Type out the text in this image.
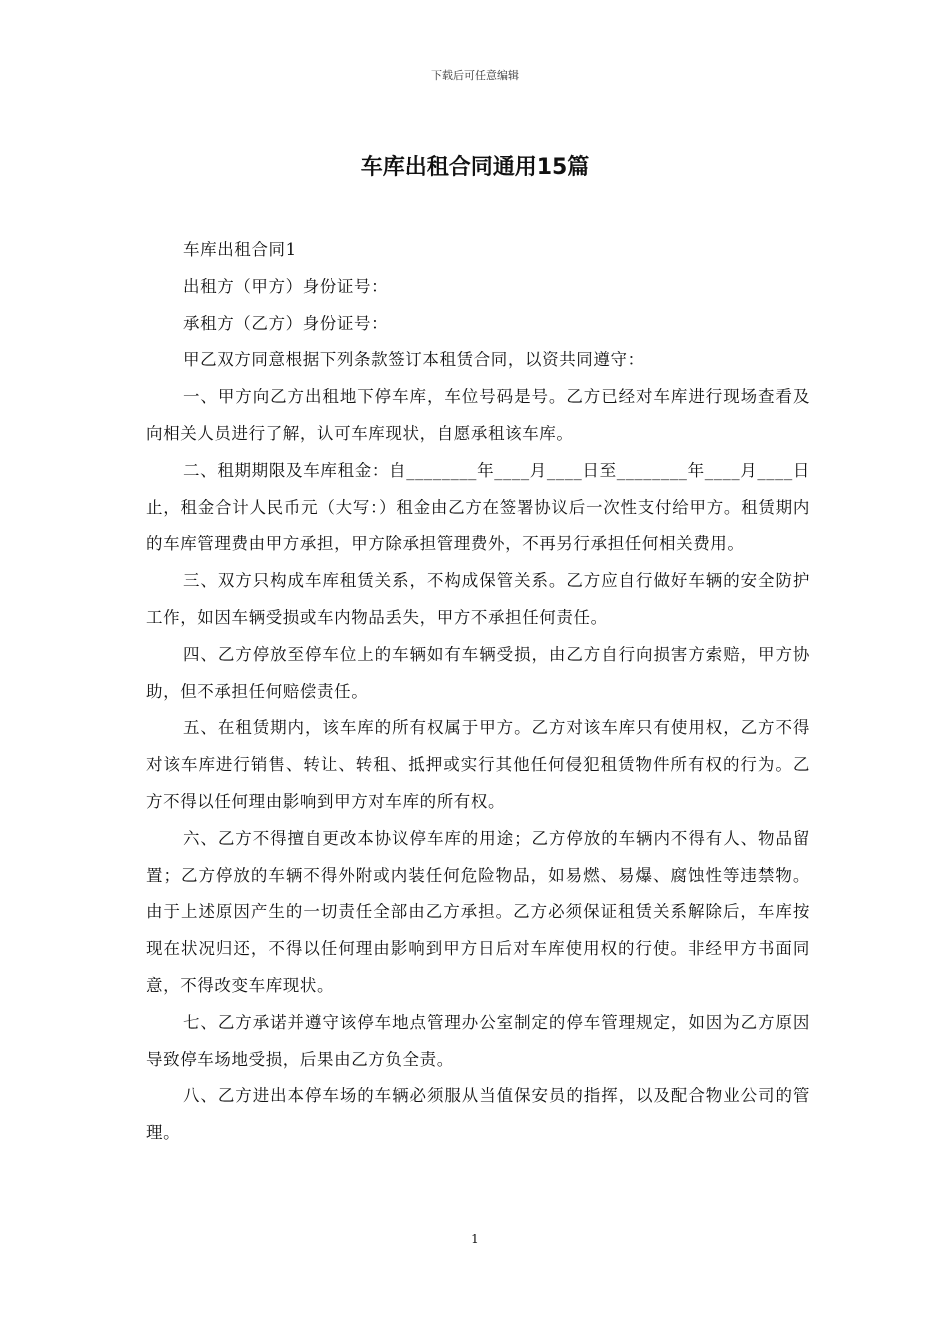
下载后可任意编辑
车库出租合同通用15篇

车库出租合同1

出租方（甲方）身份证号：

承租方（乙方）身份证号：

甲乙双方同意根据下列条款签订本租赁合同，以资共同遵守：

一、甲方向乙方出租地下停车库，车位号码是号。乙方已经对车库进行现场查看及向相关人员进行了解，认可车库现状，自愿承租该车库。

二、租期期限及车库租金：自________年____月____日至________年____月____日止，租金合计人民币元（大写：）租金由乙方在签署协议后一次性支付给甲方。租赁期内的车库管理费由甲方承担，甲方除承担管理费外，不再另行承担任何相关费用。

三、双方只构成车库租赁关系，不构成保管关系。乙方应自行做好车辆的安全防护工作，如因车辆受损或车内物品丢失，甲方不承担任何责任。

四、乙方停放至停车位上的车辆如有车辆受损，由乙方自行向损害方索赔，甲方协助，但不承担任何赔偿责任。

五、在租赁期内，该车库的所有权属于甲方。乙方对该车库只有使用权，乙方不得对该车库进行销售、转让、转租、抵押或实行其他任何侵犯租赁物件所有权的行为。乙方不得以任何理由影响到甲方对车库的所有权。

六、乙方不得擅自更改本协议停车库的用途；乙方停放的车辆内不得有人、物品留置；乙方停放的车辆不得外附或内装任何危险物品，如易燃、易爆、腐蚀性等违禁物。由于上述原因产生的一切责任全部由乙方承担。乙方必须保证租赁关系解除后，车库按现在状况归还，不得以任何理由影响到甲方日后对车库使用权的行使。非经甲方书面同意，不得改变车库现状。

七、乙方承诺并遵守该停车地点管理办公室制定的停车管理规定，如因为乙方原因导致停车场地受损，后果由乙方负全责。

八、乙方进出本停车场的车辆必须服从当值保安员的指挥，以及配合物业公司的管理。

1
